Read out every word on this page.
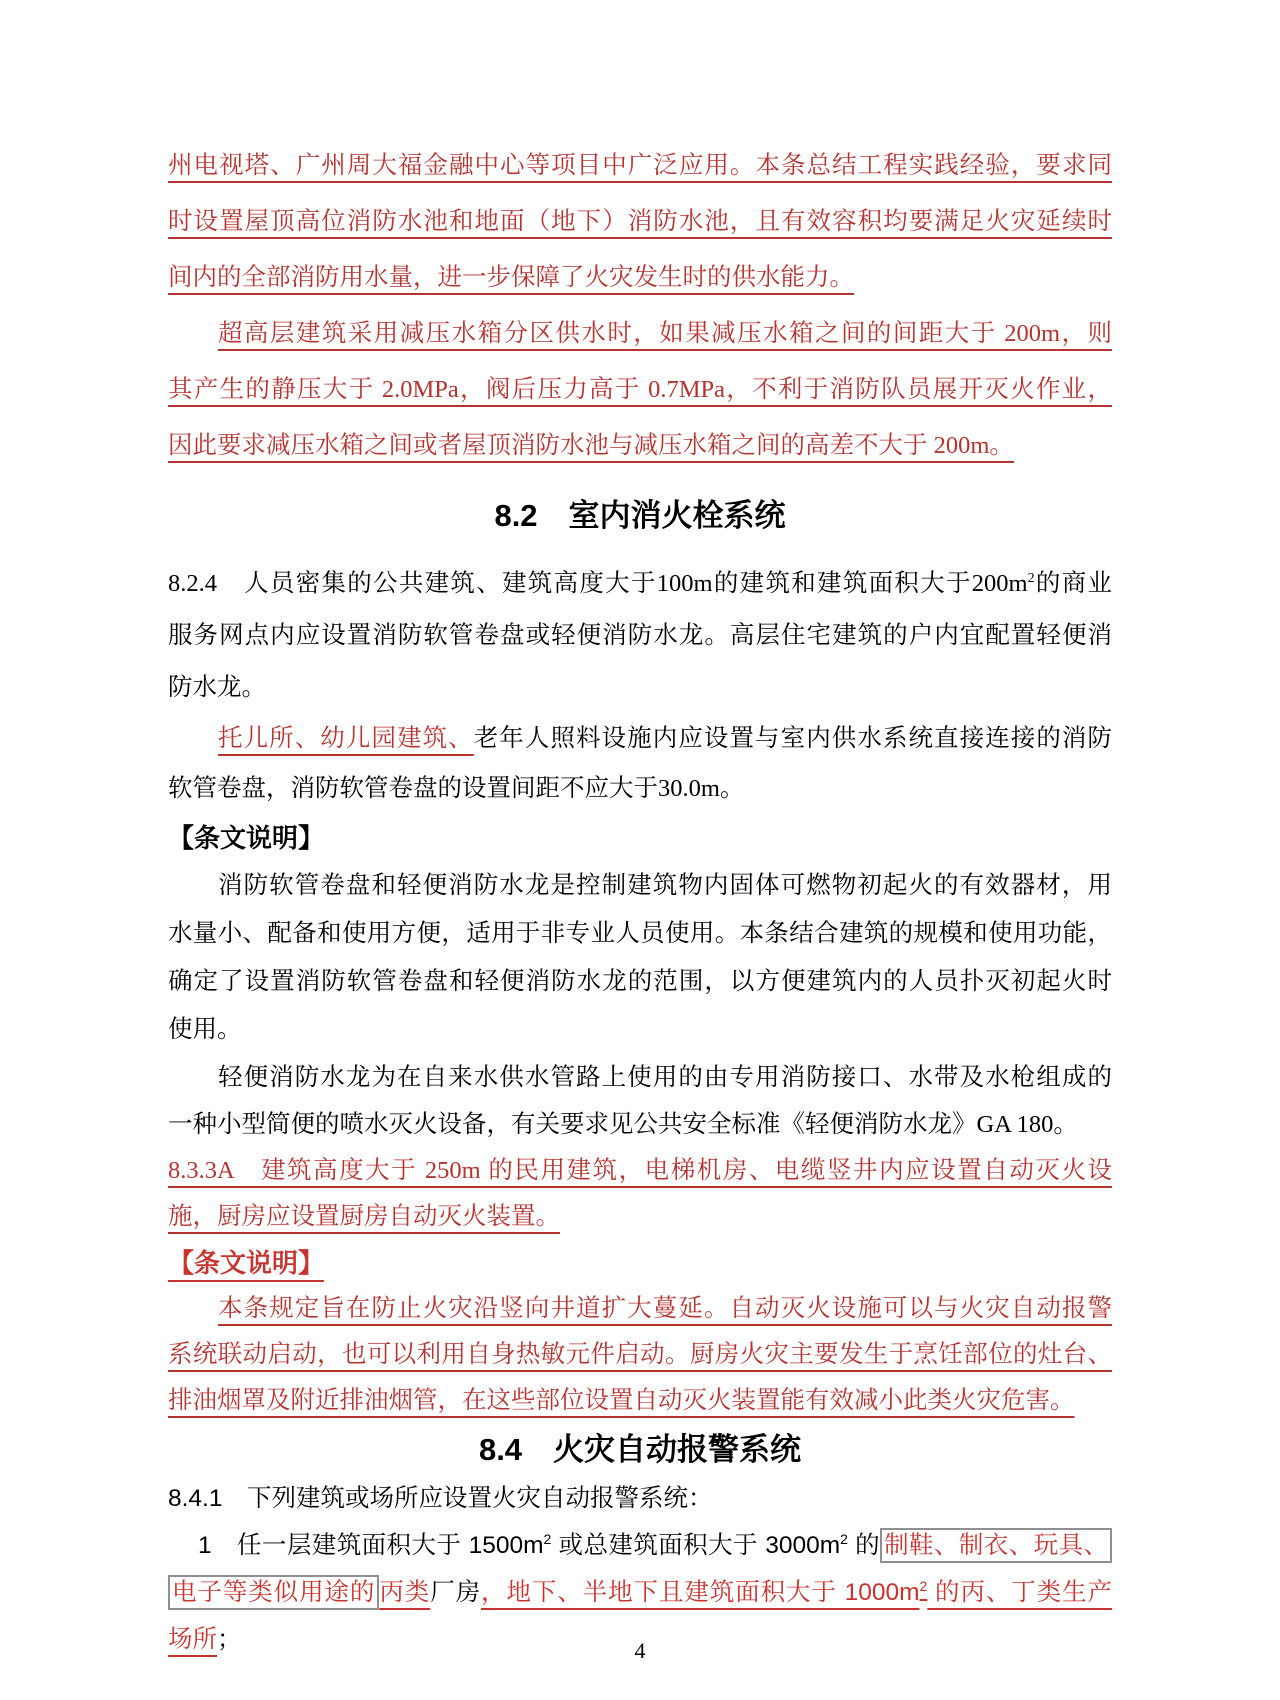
州电视塔、广州周大福金融中心等项目中广泛应用。本条总结工程实践经验，要求同
时设置屋顶高位消防水池和地面（地下）消防水池，且有效容积均要满足火灾延续时
间内的全部消防用水量，进一步保障了火灾发生时的供水能力。
超高层建筑采用减压水箱分区供水时，如果减压水箱之间的间距大于 200m，则
其产生的静压大于 2.0MPa，阀后压力高于 0.7MPa，不利于消防队员展开灭火作业，
因此要求减压水箱之间或者屋顶消防水池与减压水箱之间的高差不大于 200m。
8.2　室内消火栓系统
8.2.4　人员密集的公共建筑、建筑高度大于100m的建筑和建筑面积大于$200m^2$的商业
服务网点内应设置消防软管卷盘或轻便消防水龙。高层住宅建筑的户内宜配置轻便消
防水龙。
托儿所、幼儿园建筑、老年人照料设施内应设置与室内供水系统直接连接的消防
软管卷盘，消防软管卷盘的设置间距不应大于30.0m。
【条文说明】
消防软管卷盘和轻便消防水龙是控制建筑物内固体可燃物初起火的有效器材，用
水量小、配备和使用方便，适用于非专业人员使用。本条结合建筑的规模和使用功能，
确定了设置消防软管卷盘和轻便消防水龙的范围，以方便建筑内的人员扑灭初起火时
使用。
轻便消防水龙为在自来水供水管路上使用的由专用消防接口、水带及水枪组成的
一种小型简便的喷水灭火设备，有关要求见公共安全标准《轻便消防水龙》GA 180。
8.3.3A　建筑高度大于 250m 的民用建筑，电梯机房、电缆竖井内应设置自动灭火设
施，厨房应设置厨房自动灭火装置。
【条文说明】
本条规定旨在防止火灾沿竖向井道扩大蔓延。自动灭火设施可以与火灾自动报警
系统联动启动，也可以利用自身热敏元件启动。厨房火灾主要发生于烹饪部位的灶台、
排油烟罩及附近排油烟管，在这些部位设置自动灭火装置能有效减小此类火灾危害。
8.4　火灾自动报警系统
8.4.1　下列建筑或场所应设置火灾自动报警系统：
1　任一层建筑面积大于 $1500m^2$ 或总建筑面积大于 $3000m^2$ 的 制鞋、制衣、玩具、
电子等类似用途的 丙类厂房，地下、半地下且建筑面积大于 $1000m^2$ 的丙、丁类生产
场所；	4
